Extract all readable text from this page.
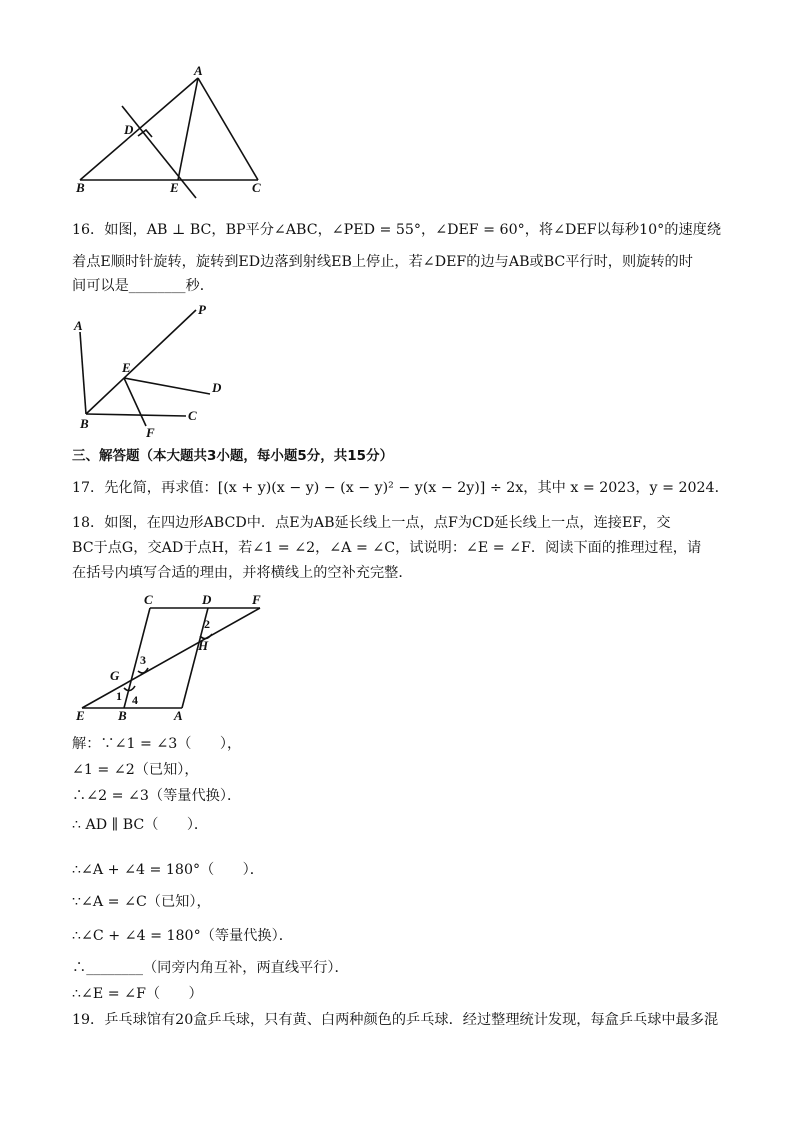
A
D
B	E	C
16．如图，AB ⊥ BC，BP平分∠ABC，∠PED = 55°，∠DEF = 60°，将∠DEF以每秒10°的速度绕
着点E顺时针旋转，旋转到ED边落到射线EB上停止，若∠DEF的边与AB或BC平行时，则旋转的时
间可以是________秒．
A
P
E
D
B
C
F
三、解答题（本大题共3小题，每小题5分，共15分）
17．先化简，再求值：[(x + y)(x − y) − (x − y)² − y(x − 2y)] ÷ 2x，其中 x = 2023，y = 2024．
18．如图，在四边形ABCD中．点E为AB延长线上一点，点F为CD延长线上一点，连接EF，交
BC于点G，交AD于点H，若∠1 = ∠2，∠A = ∠C，试说明：∠E = ∠F．阅读下面的推理过程，请
在括号内填写合适的理由，并将横线上的空补充完整．
C	D	F
H
G
E	B	A
1
2
3
4
解：∵∠1 = ∠3（　　），
∠1 = ∠2（已知），
∴∠2 = ∠3（等量代换）．
∴ AD ∥ BC（　　）．
∴∠A + ∠4 = 180°（　　）．
∵∠A = ∠C（已知），
∴∠C + ∠4 = 180°（等量代换）．
∴________（同旁内角互补，两直线平行）．
∴∠E = ∠F（　　）
19．乒乓球馆有20盒乒乓球，只有黄、白两种颜色的乒乓球．经过整理统计发现，每盒乒乓球中最多混
